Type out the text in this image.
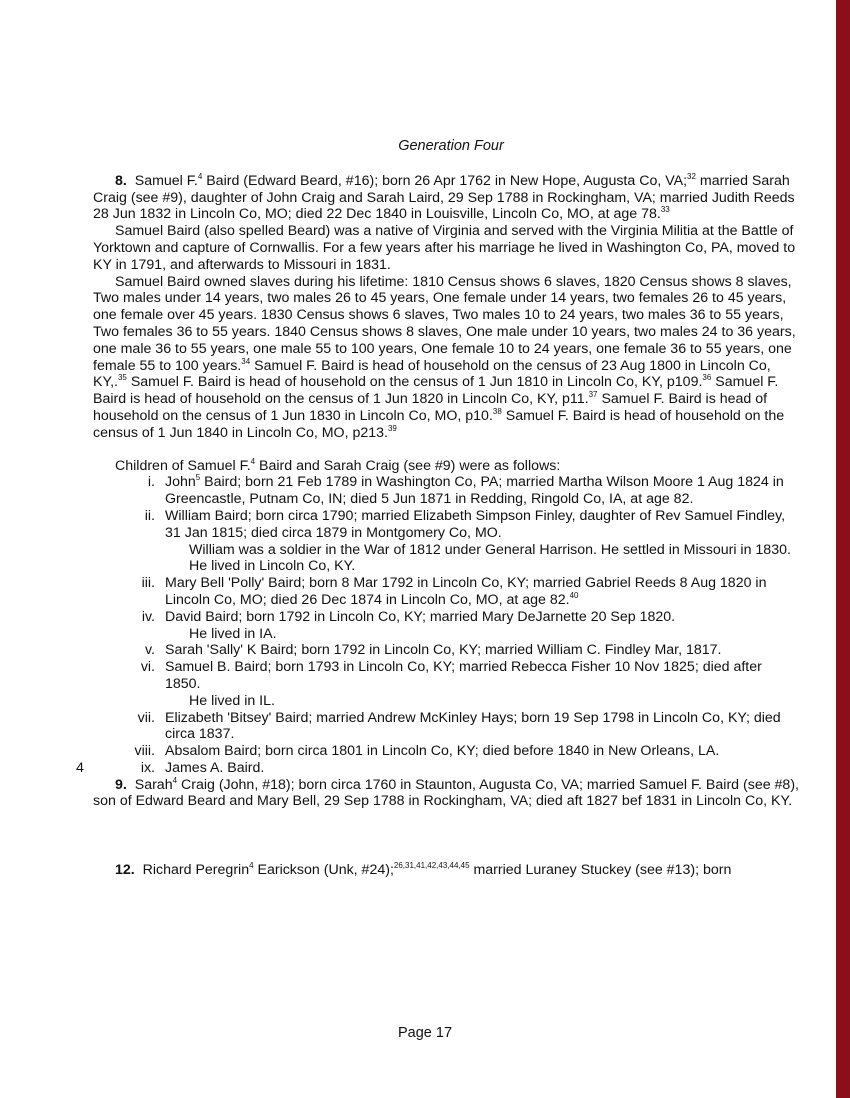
Generation Four

8. Samuel F.$^4$ Baird (Edward Beard, #16); born 26 Apr 1762 in New Hope, Augusta Co, VA;$^{32}$ married Sarah Craig (see #9), daughter of John Craig and Sarah Laird, 29 Sep 1788 in Rockingham, VA; married Judith Reeds 28 Jun 1832 in Lincoln Co, MO; died 22 Dec 1840 in Louisville, Lincoln Co, MO, at age 78.33

Samuel Baird (also spelled Beard) was a native of Virginia and served with the Virginia Militia at the Battle of Yorktown and capture of Cornwallis. For a few years after his marriage he lived in Washington Co, PA, moved to KY in 1791, and afterwards to Missouri in 1831.

Samuel Baird owned slaves during his lifetime: 1810 Census shows 6 slaves, 1820 Census shows 8 slaves, Two males under 14 years, two males 26 to 45 years, One female under 14 years, two females 26 to 45 years, one female over 45 years. 1830 Census shows 6 slaves, Two males 10 to 24 years, two males 36 to 55 years, Two females 36 to 55 years. 1840 Census shows 8 slaves, One male under 10 years, two males 24 to 36 years, one male 36 to 55 years, one male 55 to 100 years, One female 10 to 24 years, one female 36 to 55 years, one female 55 to 100 years.$^{34}$ Samuel F. Baird is head of household on the census of 23 Aug 1800 in Lincoln Co, KY,.$^{35}$ Samuel F. Baird is head of household on the census of 1 Jun 1810 in Lincoln Co, KY, p109.36 Samuel F. Baird is head of household on the census of 1 Jun 1820 in Lincoln Co, KY, p11.37 Samuel F. Baird is head of household on the census of 1 Jun 1830 in Lincoln Co, MO, p10.38 Samuel F. Baird is head of household on the census of 1 Jun 1840 in Lincoln Co, MO, p213.39

Children of Samuel F.$^4$ Baird and Sarah Craig (see #9) were as follows:

i. John$^5$ Baird; born 21 Feb 1789 in Washington Co, PA; married Martha Wilson Moore 1 Aug 1824 in Greencastle, Putnam Co, IN; died 5 Jun 1871 in Redding, Ringold Co, IA, at age 82.
ii. William Baird; born circa 1790; married Elizabeth Simpson Finley, daughter of Rev Samuel Findley, 31 Jan 1815; died circa 1879 in Montgomery Co, MO.
William was a soldier in the War of 1812 under General Harrison. He settled in Missouri in 1830. He lived in Lincoln Co, KY.
iii. Mary Bell 'Polly' Baird; born 8 Mar 1792 in Lincoln Co, KY; married Gabriel Reeds 8 Aug 1820 in Lincoln Co, MO; died 26 Dec 1874 in Lincoln Co, MO, at age 82.40
iv. David Baird; born 1792 in Lincoln Co, KY; married Mary DeJarnette 20 Sep 1820.
He lived in IA.
v. Sarah 'Sally' K Baird; born 1792 in Lincoln Co, KY; married William C. Findley Mar, 1817.
vi. Samuel B. Baird; born 1793 in Lincoln Co, KY; married Rebecca Fisher 10 Nov 1825; died after 1850.
He lived in IL.
vii. Elizabeth 'Bitsey' Baird; married Andrew McKinley Hays; born 19 Sep 1798 in Lincoln Co, KY; died circa 1837.
viii. Absalom Baird; born circa 1801 in Lincoln Co, KY; died before 1840 in New Orleans, LA.
4	ix. James A. Baird.

9. Sarah$^4$ Craig (John, #18); born circa 1760 in Staunton, Augusta Co, VA; married Samuel F. Baird (see #8), son of Edward Beard and Mary Bell, 29 Sep 1788 in Rockingham, VA; died aft 1827 bef 1831 in Lincoln Co, KY.

12. Richard Peregrin$^4$ Earickson (Unk, #24);$^{26,31,41,42,43,44,45}$ married Luraney Stuckey (see #13); born

Page 17
